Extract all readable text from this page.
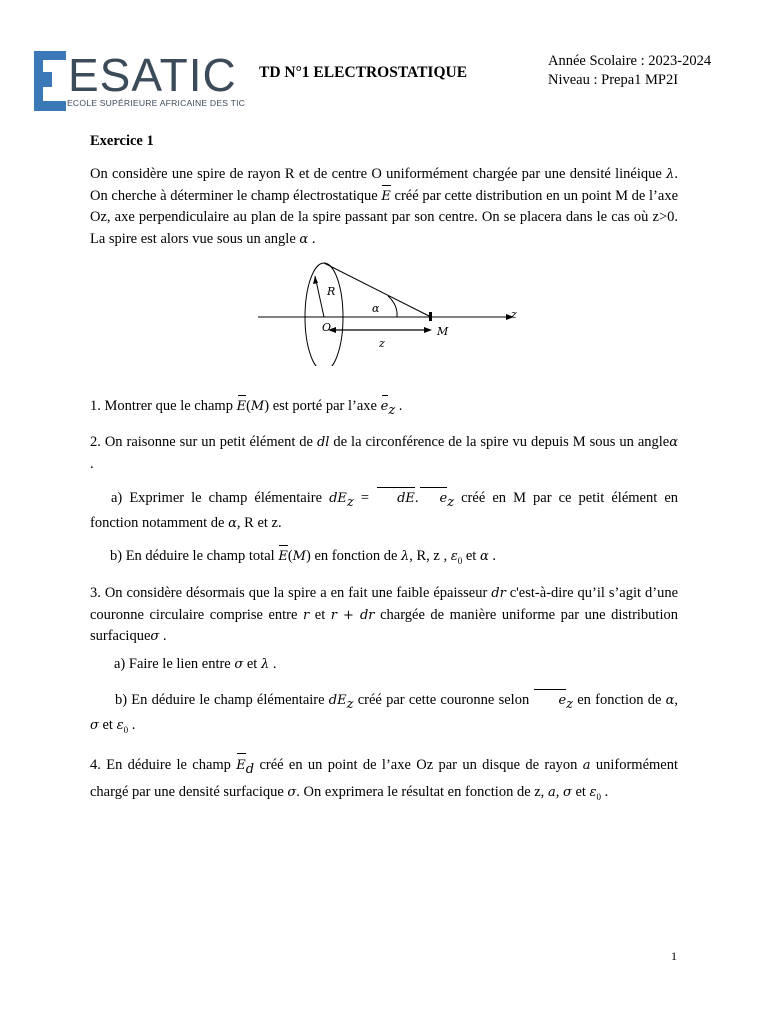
ESATIC
ECOLE SUPÉRIEURE AFRICAINE DES TIC
TD N°1 ELECTROSTATIQUE
Année Scolaire : 2023-2024
Niveau : Prepa1 MP2I
Exercice 1
On considère une spire de rayon R et de centre O uniformément chargée par une densité linéique λ. On cherche à déterminer le champ électrostatique E créé par cette distribution en un point M de l’axe Oz, axe perpendiculaire au plan de la spire passant par son centre. On se placera dans le cas où z>0. La spire est alors vue sous un angle α .
R
α	z
O	M
z
1. Montrer que le champ E(M) est porté par l’axe $e_z$ .
2. On raisonne sur un petit élément de dl de la circonférence de la spire vu depuis M sous un angleα .
a) Exprimer le champ élémentaire $dE_z$ = dE. $e_z$ créé en M par ce petit élément en fonction notamment de α, R et z.
b) En déduire le champ total E(M) en fonction de λ, R, z , $\varepsilon_0$ et α .
3. On considère désormais que la spire a en fait une faible épaisseur dr c'est-à-dire qu’il s’agit d’une couronne circulaire comprise entre r et r + dr chargée de manière uniforme par une distribution surfaciqueσ .
a) Faire le lien entre σ et λ .
b) En déduire le champ élémentaire $dE_z$ créé par cette couronne selon $e_z$ en fonction de α, σ et $\varepsilon_0$ .
4. En déduire le champ $E_d$ créé en un point de l’axe Oz par un disque de rayon a uniformément chargé par une densité surfacique σ. On exprimera le résultat en fonction de z, a, σ et $\varepsilon_0$ .
1
